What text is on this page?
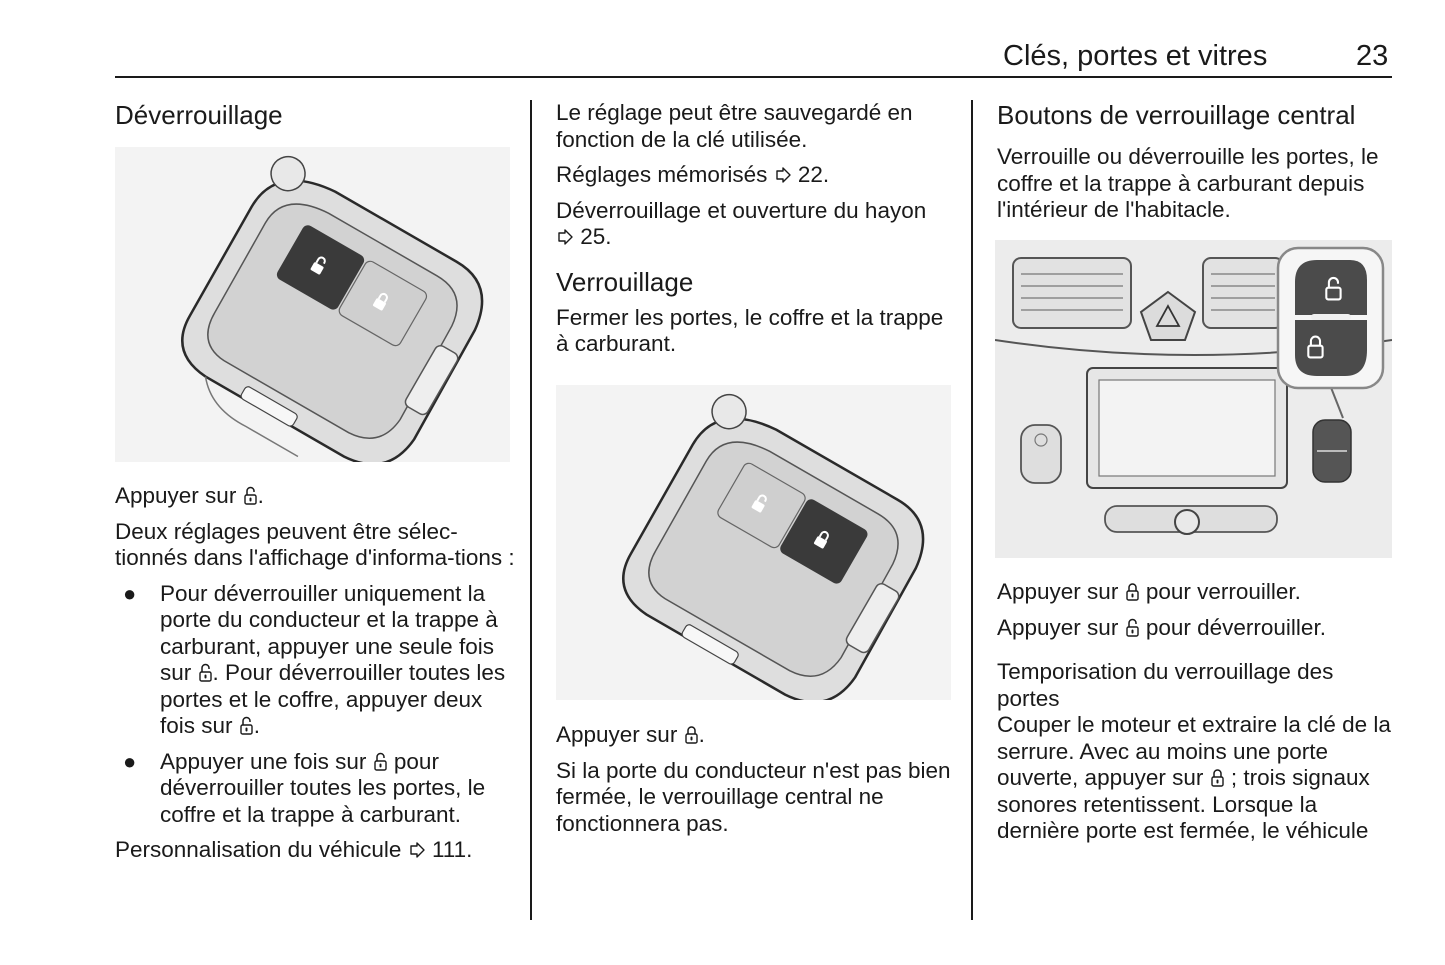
Clés, portes et vitres	23
Déverrouillage

Appuyer sur .

Deux réglages peuvent être sélec-tionnés dans l'affichage d'informa-tions :

● Pour déverrouiller uniquement la porte du conducteur et la trappe à carburant, appuyer une seule fois sur . Pour déverrouiller toutes les portes et le coffre, appuyer deux fois sur .
● Appuyer une fois sur pour déverrouiller toutes les portes, le coffre et la trappe à carburant.

Personnalisation du véhicule 111.

Le réglage peut être sauvegardé en fonction de la clé utilisée.

Réglages mémorisés 22.

Déverrouillage et ouverture du hayon
25.

Verrouillage

Fermer les portes, le coffre et la trappe à carburant.

Appuyer sur .

Si la porte du conducteur n'est pas bien fermée, le verrouillage central ne fonctionnera pas.

Boutons de verrouillage central

Verrouille ou déverrouille les portes, le coffre et la trappe à carburant depuis l'intérieur de l'habitacle.

Appuyer sur pour verrouiller.

Appuyer sur pour déverrouiller.

Temporisation du verrouillage des portes

Couper le moteur et extraire la clé de la serrure. Avec au moins une porte ouverte, appuyer sur ; trois signaux sonores retentissent. Lorsque la dernière porte est fermée, le véhicule
